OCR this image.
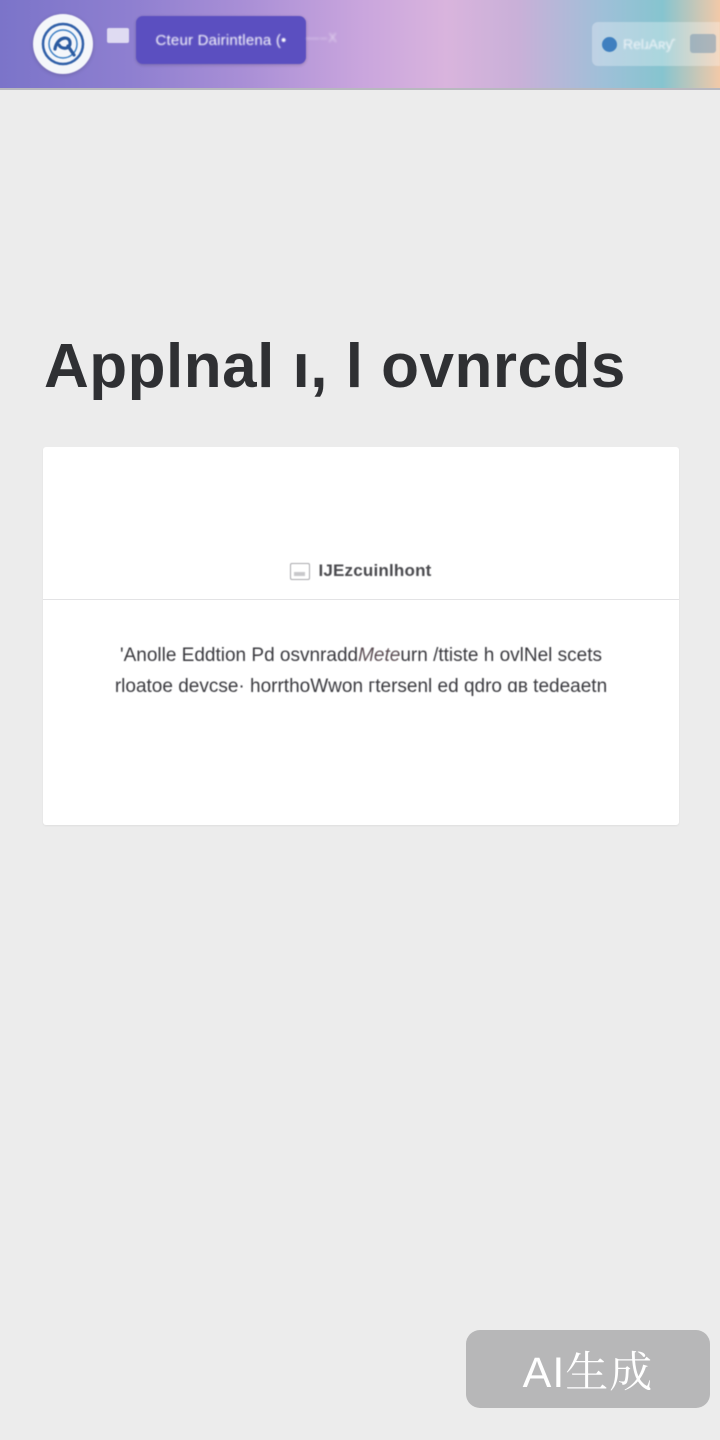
Cteur Dairintlena (• —–X	RelɹAʀƴ
Applnal ı, l ovnrcds
IJEzcuinlhont

'Anolle Eddtion Pd osvnraddMeteurn /ttiste h ovlNel scets

rloatoe devcse· horrthoWwon гtersenl ed qdro ɑв tedeaetn

AI生成
